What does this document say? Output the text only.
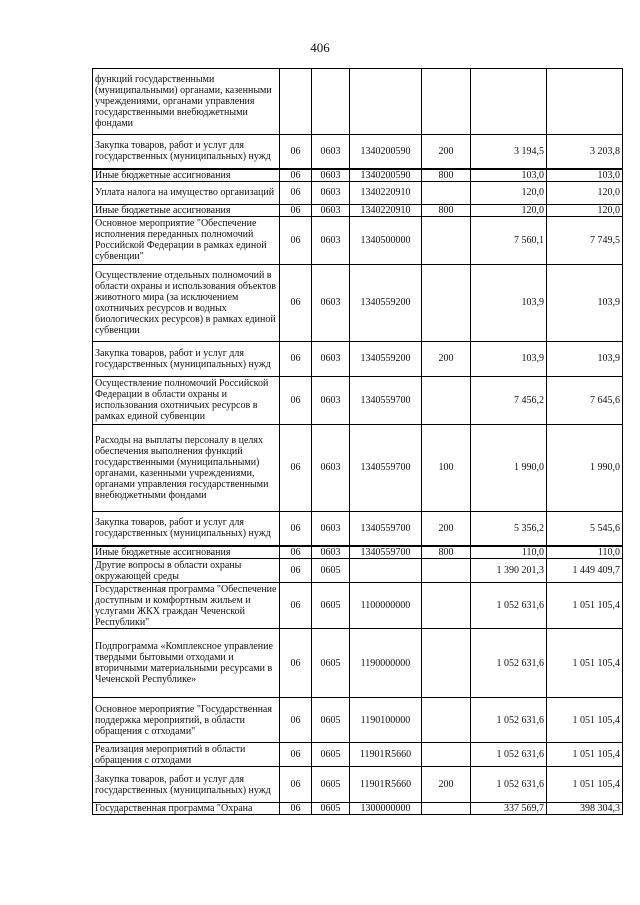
406
функций государственными (муниципальными) органами, казенными учреждениями, органами управления государственными внебюджетными фондами						
Закупка товаров, работ и услуг для государственных (муниципальных) нужд	06	0603	1340200590	200	3 194,5	3 203,8
Иные бюджетные ассигнования	06	0603	1340200590	800	103,0	103,0
Уплата налога на имущество организаций	06	0603	1340220910		120,0	120,0
Иные бюджетные ассигнования	06	0603	1340220910	800	120,0	120,0
Основное мероприятие "Обеспечение исполнения переданных полномочий Российской Федерации в рамках единой субвенции"	06	0603	1340500000		7 560,1	7 749,5
Осуществление отдельных полномочий в области охраны и использования объектов животного мира (за исключением охотничьих ресурсов и водных биологических ресурсов) в рамках единой субвенции	06	0603	1340559200		103,9	103,9
Закупка товаров, работ и услуг для государственных (муниципальных) нужд	06	0603	1340559200	200	103,9	103,9
Осуществление полномочий Российской Федерации в области охраны и использования охотничьих ресурсов в рамках единой субвенции	06	0603	1340559700		7 456,2	7 645,6
Расходы на выплаты персоналу в целях обеспечения выполнения функций государственными (муниципальными) органами, казенными учреждениями, органами управления государственными внебюджетными фондами	06	0603	1340559700	100	1 990,0	1 990,0
Закупка товаров, работ и услуг для государственных (муниципальных) нужд	06	0603	1340559700	200	5 356,2	5 545,6
Иные бюджетные ассигнования	06	0603	1340559700	800	110,0	110,0
Другие вопросы в области охраны окружающей среды	06	0605			1 390 201,3	1 449 409,7
Государственная программа "Обеспечение доступным и комфортным жильем и услугами ЖКХ граждан Чеченской Республики"	06	0605	1100000000		1 052 631,6	1 051 105,4
Подпрограмма «Комплексное управление твердыми бытовыми отходами и вторичными материальными ресурсами в Чеченской Республике»	06	0605	1190000000		1 052 631,6	1 051 105,4
Основное мероприятие "Государственная поддержка мероприятий, в области обращения с отходами"	06	0605	1190100000		1 052 631,6	1 051 105,4
Реализация мероприятий в области обращения с отходами	06	0605	11901R5660		1 052 631,6	1 051 105,4
Закупка товаров, работ и услуг для государственных (муниципальных) нужд	06	0605	11901R5660	200	1 052 631,6	1 051 105,4
Государственная программа "Охрана	06	0605	1300000000		337 569,7	398 304,3
